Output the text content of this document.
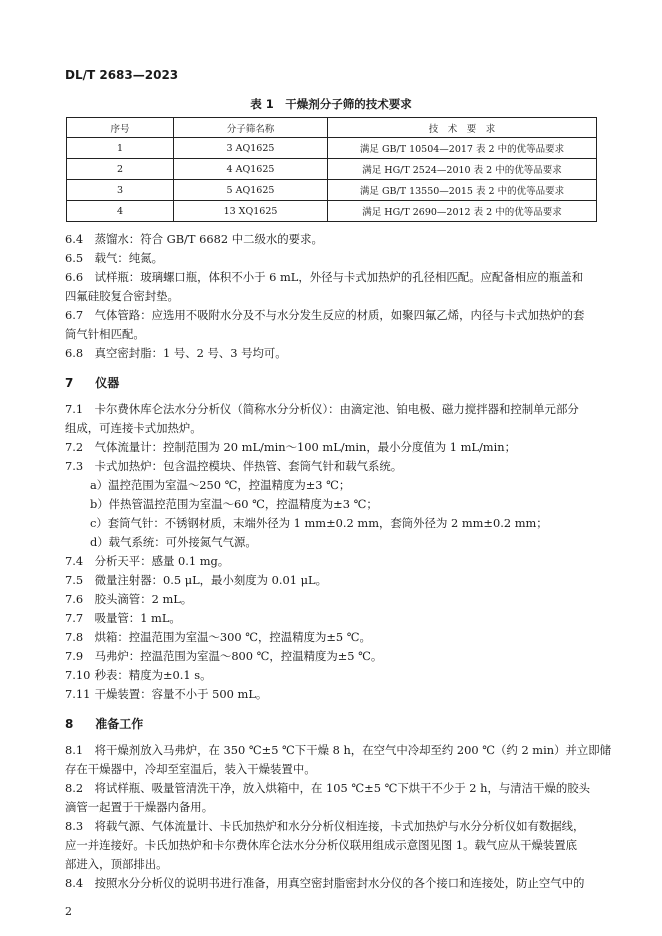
DL/T 2683—2023
表 1　干燥剂分子筛的技术要求
序号	分子筛名称	技　术　要　求
1	3 AQ1625	满足 GB/T 10504—2017 表 2 中的优等品要求
2	4 AQ1625	满足 HG/T 2524—2010 表 2 中的优等品要求
3	5 AQ1625	满足 GB/T 13550—2015 表 2 中的优等品要求
4	13 XQ1625	满足 HG/T 2690—2012 表 2 中的优等品要求
6.4 蒸馏水：符合 GB/T 6682 中二级水的要求。
6.5 载气：纯氮。
6.6 试样瓶：玻璃螺口瓶，体积不小于 6 mL，外径与卡式加热炉的孔径相匹配。应配备相应的瓶盖和
四氟硅胶复合密封垫。
6.7 气体管路：应选用不吸附水分及不与水分发生反应的材质，如聚四氟乙烯，内径与卡式加热炉的套
筒气针相匹配。
6.8 真空密封脂：1 号、2 号、3 号均可。
7 仪器
7.1 卡尔费休库仑法水分分析仪（简称水分分析仪）：由滴定池、铂电极、磁力搅拌器和控制单元部分
组成，可连接卡式加热炉。
7.2 气体流量计：控制范围为 20 mL/min～100 mL/min，最小分度值为 1 mL/min；
7.3 卡式加热炉：包含温控模块、伴热管、套筒气针和载气系统。
a）温控范围为室温～250 ℃，控温精度为±3 ℃；
b）伴热管温控范围为室温～60 ℃，控温精度为±3 ℃；
c）套筒气针：不锈钢材质，末端外径为 1 mm±0.2 mm，套筒外径为 2 mm±0.2 mm；
d）载气系统：可外接氮气气源。
7.4 分析天平：感量 0.1 mg。
7.5 微量注射器：0.5 μL，最小刻度为 0.01 μL。
7.6 胶头滴管：2 mL。
7.7 吸量管：1 mL。
7.8 烘箱：控温范围为室温～300 ℃，控温精度为±5 ℃。
7.9 马弗炉：控温范围为室温～800 ℃，控温精度为±5 ℃。
7.10 秒表：精度为±0.1 s。
7.11 干燥装置：容量不小于 500 mL。
8 准备工作
8.1 将干燥剂放入马弗炉，在 350 ℃±5 ℃下干燥 8 h，在空气中冷却至约 200 ℃（约 2 min）并立即储
存在干燥器中，冷却至室温后，装入干燥装置中。
8.2 将试样瓶、吸量管清洗干净，放入烘箱中，在 105 ℃±5 ℃下烘干不少于 2 h，与清洁干燥的胶头
滴管一起置于干燥器内备用。
8.3 将载气源、气体流量计、卡氏加热炉和水分分析仪相连接，卡式加热炉与水分分析仪如有数据线，
应一并连接好。卡氏加热炉和卡尔费休库仑法水分分析仪联用组成示意图见图 1。载气应从干燥装置底
部进入，顶部排出。
8.4 按照水分分析仪的说明书进行准备，用真空密封脂密封水分仪的各个接口和连接处，防止空气中的
2
